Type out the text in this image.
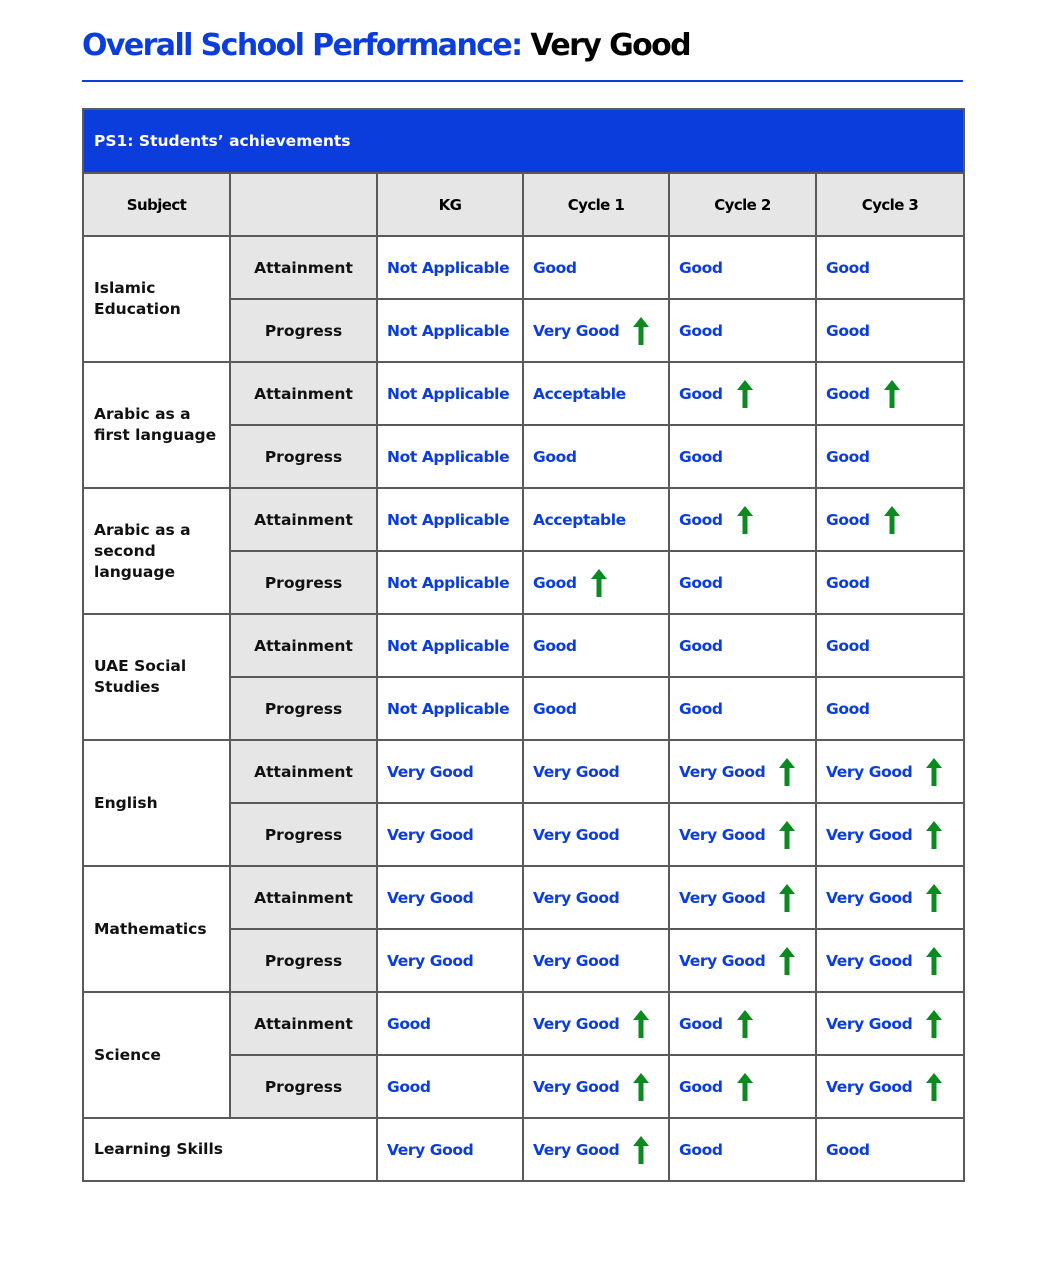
Overall School Performance: Very Good
PS1: Students’ achievements					
Subject		KG	Cycle 1	Cycle 2	Cycle 3
Islamic Education	Attainment	Not Applicable	Good	Good	Good

	Progress	Not Applicable	Very Good	Good	Good

Arabic as a first language	Attainment	Not Applicable	Acceptable	Good	Good

	Progress	Not Applicable	Good	Good	Good

Arabic as a second language	Attainment	Not Applicable	Acceptable	Good	Good

	Progress	Not Applicable	Good	Good	Good

UAE Social Studies	Attainment	Not Applicable	Good	Good	Good

	Progress	Not Applicable	Good	Good	Good

English	Attainment	Very Good	Very Good	Very Good	Very Good

	Progress	Very Good	Very Good	Very Good	Very Good

Mathematics	Attainment	Very Good	Very Good	Very Good	Very Good

	Progress	Very Good	Very Good	Very Good	Very Good

Science	Attainment	Good	Very Good	Good	Very Good

	Progress	Good	Very Good	Good	Very Good

Learning Skills		Very Good	Very Good	Good	Good
